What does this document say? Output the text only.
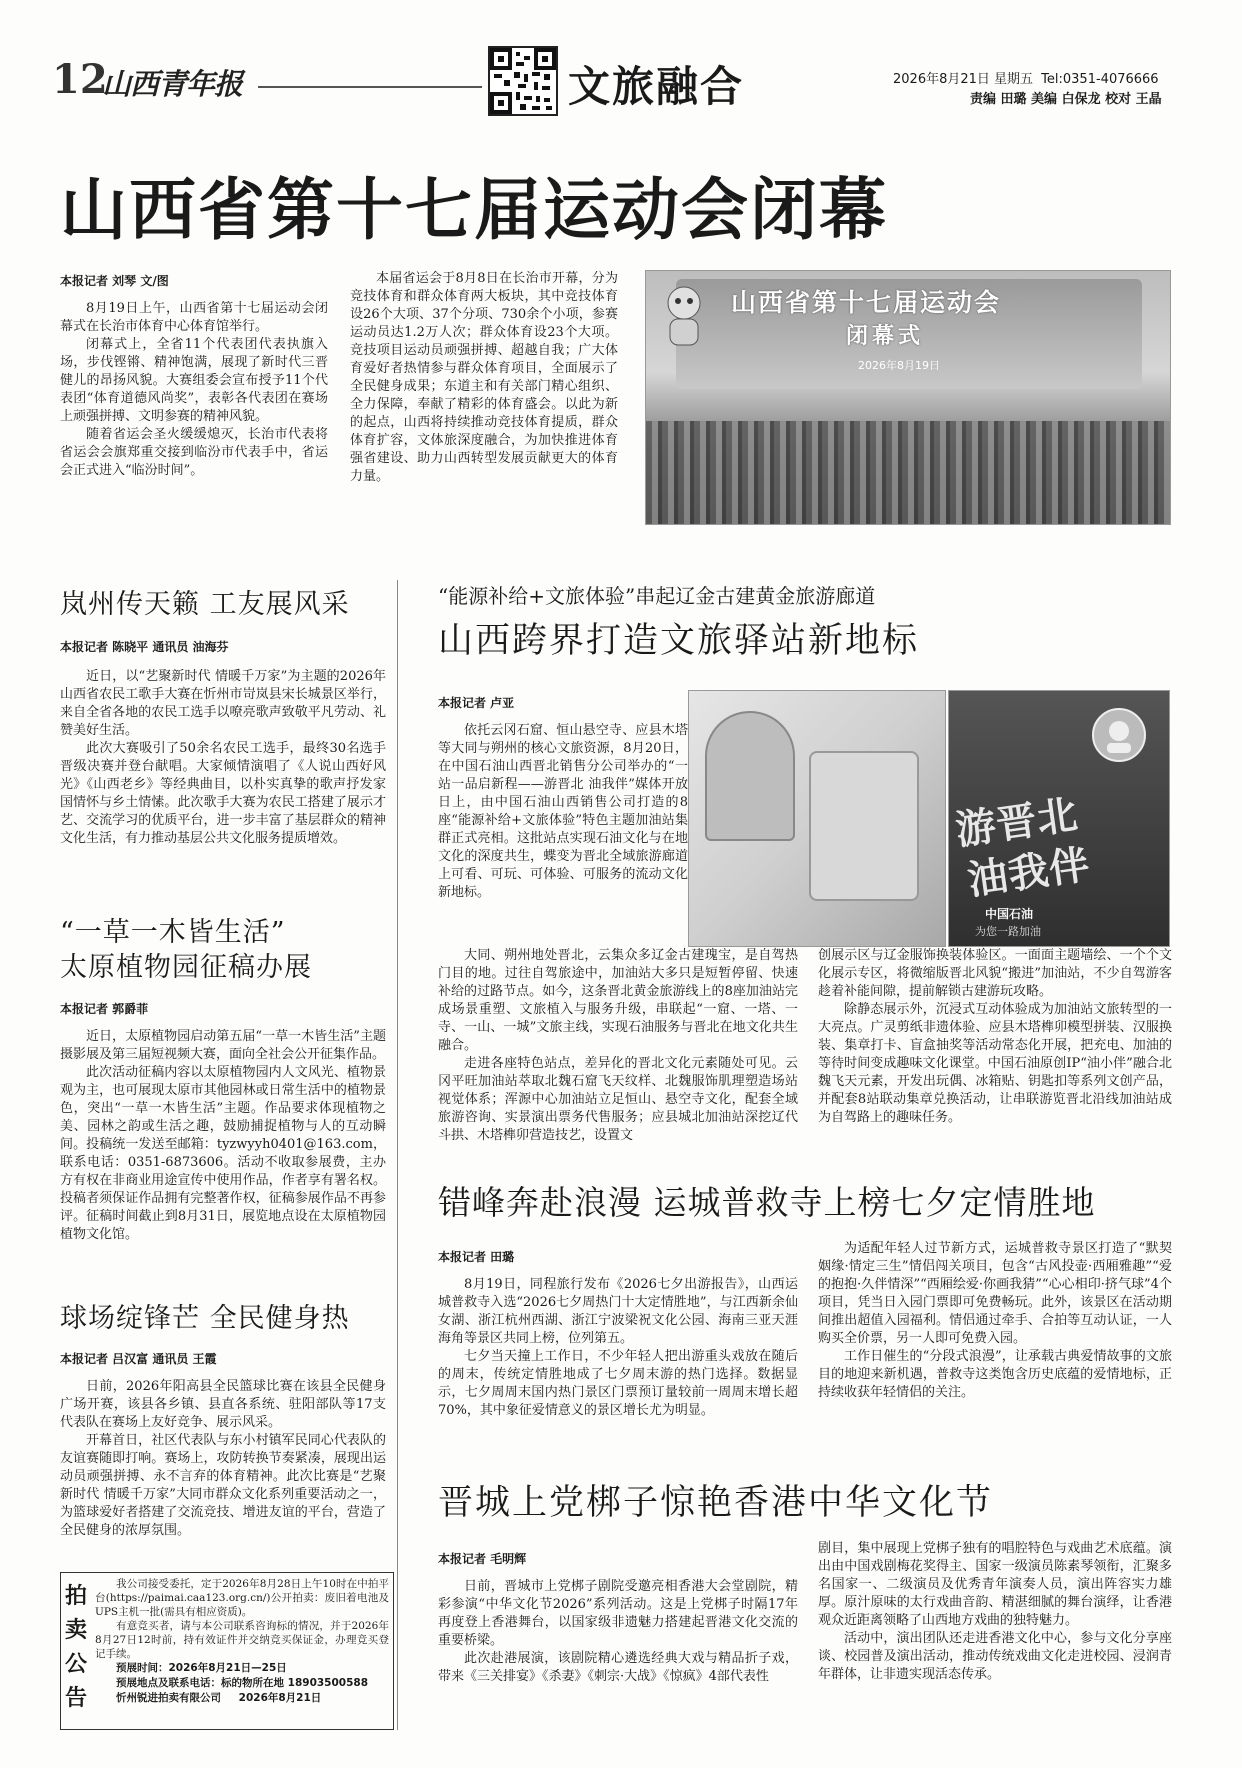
12
山西青年报	文旅融合	2026年8月21日 星期五 Tel:0351-4076666
责编 田璐 美编 白保龙 校对 王晶
山西省第十七届运动会闭幕
本报记者 刘琴 文/图

8月19日上午，山西省第十七届运动会闭幕式在长治市体育中心体育馆举行。

闭幕式上，全省11个代表团代表执旗入场，步伐铿锵、精神饱满，展现了新时代三晋健儿的昂扬风貌。大赛组委会宣布授予11个代表团“体育道德风尚奖”，表彰各代表团在赛场上顽强拼搏、文明参赛的精神风貌。

随着省运会圣火缓缓熄灭，长治市代表将省运会会旗郑重交接到临汾市代表手中，省运会正式进入“临汾时间”。

本届省运会于8月8日在长治市开幕，分为竞技体育和群众体育两大板块，其中竞技体育设26个大项、37个分项、730余个小项，参赛运动员达1.2万人次；群众体育设23个大项。竞技项目运动员顽强拼搏、超越自我；广大体育爱好者热情参与群众体育项目，全面展示了全民健身成果；东道主和有关部门精心组织、全力保障，奉献了精彩的体育盛会。以此为新的起点，山西将持续推动竞技体育提质，群众体育扩容，文体旅深度融合，为加快推进体育强省建设、助力山西转型发展贡献更大的体育力量。

山西省第十七届运动会
闭幕式
2026年8月19日
岚州传天籁 工友展风采
本报记者 陈晓平 通讯员 油海芬

近日，以“艺聚新时代 情暖千万家”为主题的2026年山西省农民工歌手大赛在忻州市岢岚县宋长城景区举行，来自全省各地的农民工选手以嘹亮歌声致敬平凡劳动、礼赞美好生活。

此次大赛吸引了50余名农民工选手，最终30名选手晋级决赛并登台献唱。大家倾情演唱了《人说山西好风光》《山西老乡》等经典曲目，以朴实真挚的歌声抒发家国情怀与乡土情愫。此次歌手大赛为农民工搭建了展示才艺、交流学习的优质平台，进一步丰富了基层群众的精神文化生活，有力推动基层公共文化服务提质增效。

“一草一木皆生活”
太原植物园征稿办展
本报记者 郭爵菲

近日，太原植物园启动第五届“一草一木皆生活”主题摄影展及第三届短视频大赛，面向全社会公开征集作品。

此次活动征稿内容以太原植物园内人文风光、植物景观为主，也可展现太原市其他园林或日常生活中的植物景色，突出“一草一木皆生活”主题。作品要求体现植物之美、园林之韵或生活之趣，鼓励捕捉植物与人的互动瞬间。投稿统一发送至邮箱：tyzwyyh0401@163.com，联系电话：0351-6873606。活动不收取参展费，主办方有权在非商业用途宣传中使用作品，作者享有署名权。投稿者须保证作品拥有完整著作权，征稿参展作品不再参评。征稿时间截止到8月31日，展览地点设在太原植物园植物文化馆。

球场绽锋芒 全民健身热
本报记者 吕汉富 通讯员 王霞

日前，2026年阳高县全民篮球比赛在该县全民健身广场开赛，该县各乡镇、县直各系统、驻阳部队等17支代表队在赛场上友好竞争、展示风采。

开幕首日，社区代表队与东小村镇军民同心代表队的友谊赛随即打响。赛场上，攻防转换节奏紧凑，展现出运动员顽强拼搏、永不言弃的体育精神。此次比赛是“艺聚新时代 情暖千万家”大同市群众文化系列重要活动之一，为篮球爱好者搭建了交流竞技、增进友谊的平台，营造了全民健身的浓厚氛围。

拍卖公告

我公司接受委托，定于2026年8月28日上午10时在中拍平台(https://paimai.caa123.org.cn/)公开拍卖：废旧着电池及UPS主机一批(需具有相应资质)。

有意竞买者，请与本公司联系咨询标的情况，并于2026年8月27日12时前，持有效证件并交纳竞买保证金，办理竞买登记手续。

预展时间：2026年8月21日—25日

预展地点及联系电话：标的物所在地 18903500588

忻州锐进拍卖有限公司 2026年8月21日

“能源补给+文旅体验”串起辽金古建黄金旅游廊道
山西跨界打造文旅驿站新地标
本报记者 卢亚

依托云冈石窟、恒山悬空寺、应县木塔等大同与朔州的核心文旅资源，8月20日，在中国石油山西晋北销售分公司举办的“一站一品启新程——游晋北 油我伴”媒体开放日上，由中国石油山西销售公司打造的8座“能源补给+文旅体验”特色主题加油站集群正式亮相。这批站点实现石油文化与在地文化的深度共生，蝶变为晋北全域旅游廊道上可看、可玩、可体验、可服务的流动文化新地标。

游晋北
油我伴
中国石油
为您一路加油

大同、朔州地处晋北，云集众多辽金古建瑰宝，是自驾热门目的地。过往自驾旅途中，加油站大多只是短暂停留、快速补给的过路节点。如今，这条晋北黄金旅游线上的8座加油站完成场景重塑、文旅植入与服务升级，串联起“一窟、一塔、一寺、一山、一城”文旅主线，实现石油服务与晋北在地文化共生融合。

走进各座特色站点，差异化的晋北文化元素随处可见。云冈平旺加油站萃取北魏石窟飞天纹样、北魏服饰肌理塑造场站视觉体系；浑源中心加油站立足恒山、悬空寺文化，配套全域旅游咨询、实景演出票务代售服务；应县城北加油站深挖辽代斗拱、木塔榫卯营造技艺，设置文

创展示区与辽金服饰换装体验区。一面面主题墙绘、一个个文化展示专区，将微缩版晋北风貌“搬进”加油站，不少自驾游客趁着补能间隙，提前解锁古建游玩攻略。

除静态展示外，沉浸式互动体验成为加油站文旅转型的一大亮点。广灵剪纸非遗体验、应县木塔榫卯模型拼装、汉服换装、集章打卡、盲盒抽奖等活动常态化开展，把充电、加油的等待时间变成趣味文化课堂。中国石油原创IP“油小伴”融合北魏飞天元素，开发出玩偶、冰箱贴、钥匙扣等系列文创产品，并配套8站联动集章兑换活动，让串联游览晋北沿线加油站成为自驾路上的趣味任务。

错峰奔赴浪漫 运城普救寺上榜七夕定情胜地
本报记者 田璐

8月19日，同程旅行发布《2026七夕出游报告》，山西运城普救寺入选“2026七夕周热门十大定情胜地”，与江西新余仙女湖、浙江杭州西湖、浙江宁波梁祝文化公园、海南三亚天涯海角等景区共同上榜，位列第五。

七夕当天撞上工作日，不少年轻人把出游重头戏放在随后的周末，传统定情胜地成了七夕周末游的热门选择。数据显示，七夕周周末国内热门景区门票预订量较前一周周末增长超70%，其中象征爱情意义的景区增长尤为明显。

为适配年轻人过节新方式，运城普救寺景区打造了“默契姻缘·情定三生”情侣闯关项目，包含“古风投壶·西厢雅趣”“爱的抱抱·久伴情深”“西厢绘爱·你画我猜”“心心相印·挤气球”4个项目，凭当日入园门票即可免费畅玩。此外，该景区在活动期间推出超值入园福利。情侣通过牵手、合拍等互动认证，一人购买全价票，另一人即可免费入园。

工作日催生的“分段式浪漫”，让承载古典爱情故事的文旅目的地迎来新机遇，普救寺这类饱含历史底蕴的爱情地标，正持续收获年轻情侣的关注。

晋城上党梆子惊艳香港中华文化节
本报记者 毛明辉

日前，晋城市上党梆子剧院受邀亮相香港大会堂剧院，精彩参演“中华文化节2026”系列活动。这是上党梆子时隔17年再度登上香港舞台，以国家级非遗魅力搭建起晋港文化交流的重要桥梁。

此次赴港展演，该剧院精心遴选经典大戏与精品折子戏，带来《三关排宴》《杀妻》《刺宗·大战》《惊疯》4部代表性

剧目，集中展现上党梆子独有的唱腔特色与戏曲艺术底蕴。演出由中国戏剧梅花奖得主、国家一级演员陈素琴领衔，汇聚多名国家一、二级演员及优秀青年演奏人员，演出阵容实力雄厚。原汁原味的太行戏曲音韵、精湛细腻的舞台演绎，让香港观众近距离领略了山西地方戏曲的独特魅力。

活动中，演出团队还走进香港文化中心，参与文化分享座谈、校园普及演出活动，推动传统戏曲文化走进校园、浸润青年群体，让非遗实现活态传承。
